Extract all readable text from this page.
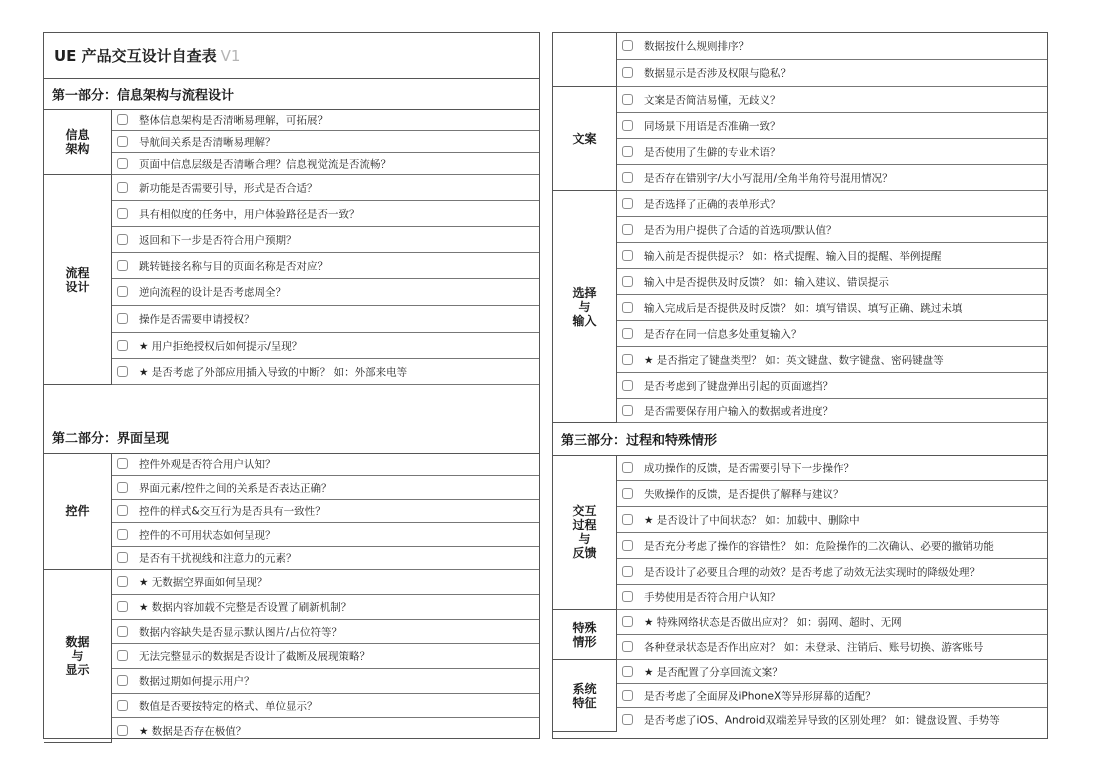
UE 产品交互设计自查表 V1
第一部分：信息架构与流程设计
第二部分：界面呈现
信息
架构
整体信息架构是否清晰易理解，可拓展？
导航间关系是否清晰易理解？
页面中信息层级是否清晰合理？信息视觉流是否流畅？
流程
设计
新功能是否需要引导，形式是否合适？
具有相似度的任务中，用户体验路径是否一致？
返回和下一步是否符合用户预期？
跳转链接名称与目的页面名称是否对应？
逆向流程的设计是否考虑周全？
操作是否需要申请授权？
★ 用户拒绝授权后如何提示/呈现？
★ 是否考虑了外部应用插入导致的中断？ 如：外部来电等
控件
控件外观是否符合用户认知？
界面元素/控件之间的关系是否表达正确？
控件的样式&交互行为是否具有一致性？
控件的不可用状态如何呈现？
是否有干扰视线和注意力的元素？
数据
与
显示
★ 无数据空界面如何呈现？
★ 数据内容加载不完整是否设置了刷新机制？
数据内容缺失是否显示默认图片/占位符等？
无法完整显示的数据是否设计了截断及展现策略？
数据过期如何提示用户？
数值是否要按特定的格式、单位显示？
★ 数据是否存在极值？
第三部分：过程和特殊情形
数据按什么规则排序？
数据显示是否涉及权限与隐私？
文案
文案是否简洁易懂，无歧义？
同场景下用语是否准确一致？
是否使用了生僻的专业术语？
是否存在错别字/大小写混用/全角半角符号混用情况？
选择
与
输入
是否选择了正确的表单形式？
是否为用户提供了合适的首选项/默认值？
输入前是否提供提示？ 如：格式提醒、输入目的提醒、举例提醒
输入中是否提供及时反馈？ 如：输入建议、错误提示
输入完成后是否提供及时反馈？ 如：填写错误、填写正确、跳过未填
是否存在同一信息多处重复输入？
★ 是否指定了键盘类型？ 如：英文键盘、数字键盘、密码键盘等
是否考虑到了键盘弹出引起的页面遮挡？
是否需要保存用户输入的数据或者进度？
交互
过程
与
反馈
成功操作的反馈，是否需要引导下一步操作？
失败操作的反馈，是否提供了解释与建议？
★ 是否设计了中间状态？ 如：加载中、删除中
是否充分考虑了操作的容错性？ 如：危险操作的二次确认、必要的撤销功能
是否设计了必要且合理的动效？是否考虑了动效无法实现时的降级处理？
手势使用是否符合用户认知？
特殊
情形
★ 特殊网络状态是否做出应对？ 如：弱网、超时、无网
各种登录状态是否作出应对？ 如：未登录、注销后、账号切换、游客账号
系统
特征
★ 是否配置了分享回流文案？
是否考虑了全面屏及iPhoneX等异形屏幕的适配？
是否考虑了iOS、Android双端差异导致的区别处理？ 如：键盘设置、手势等
